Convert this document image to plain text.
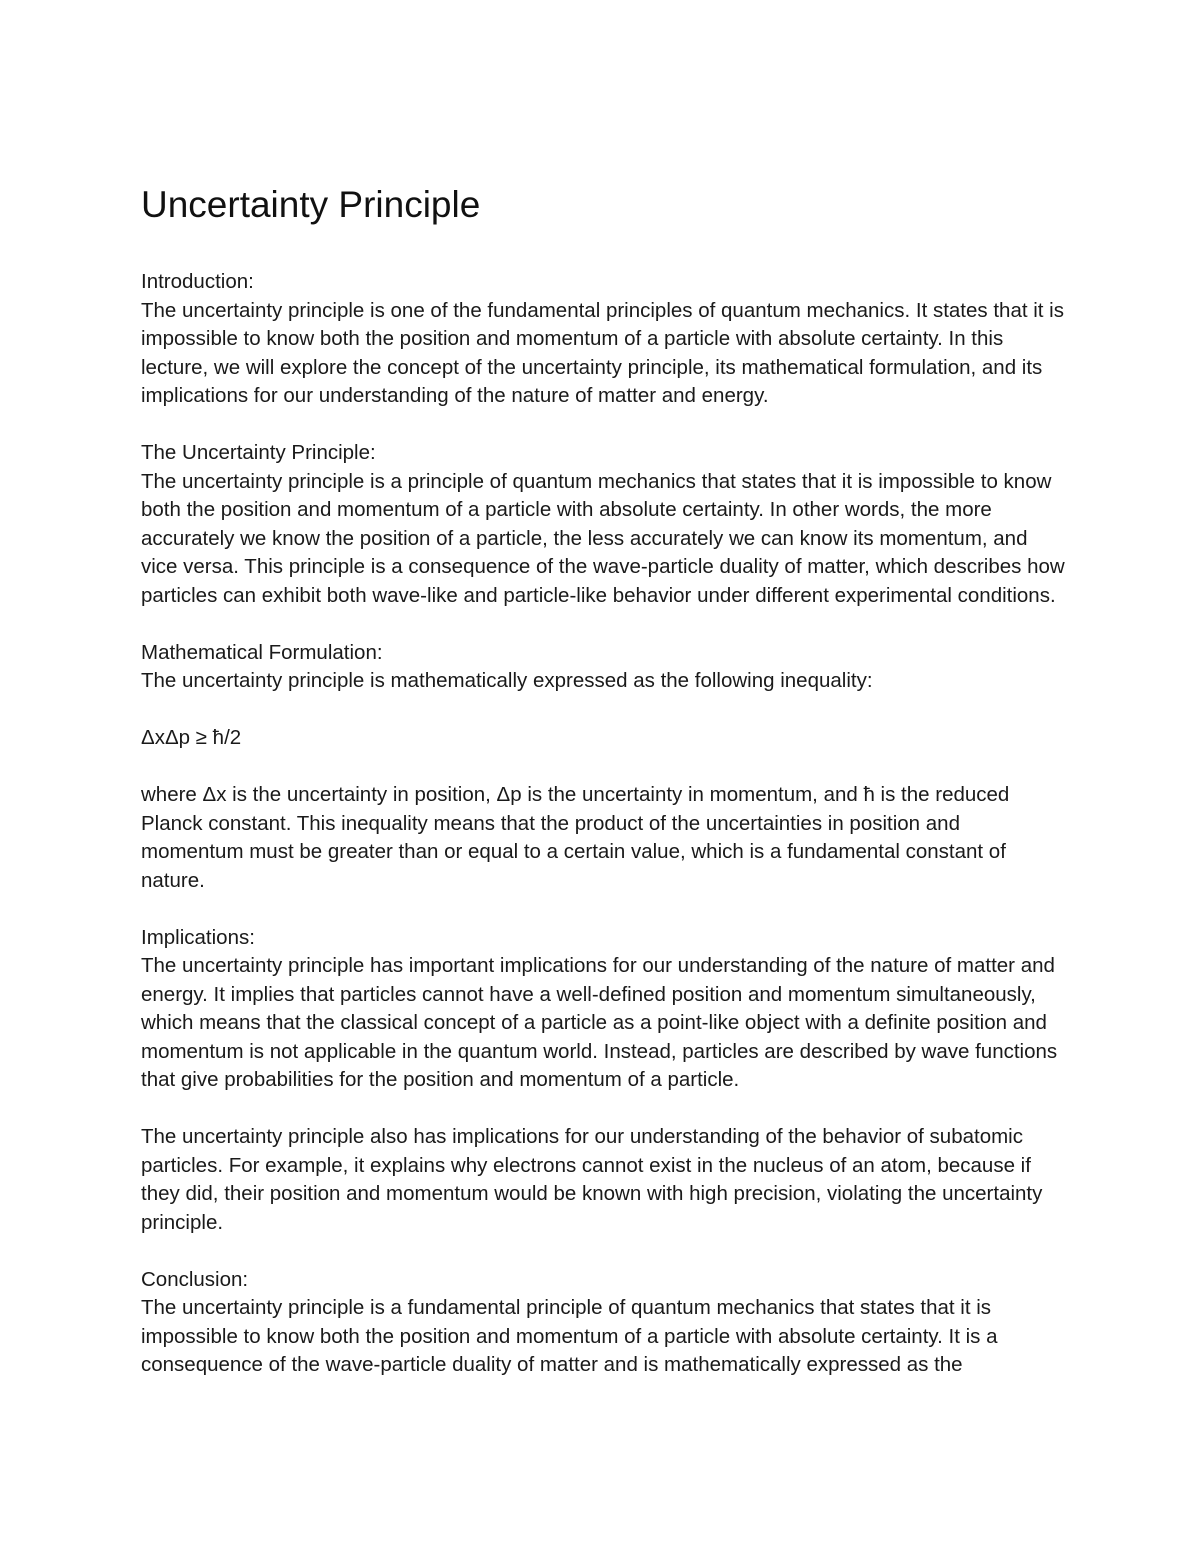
Uncertainty Principle

Introduction:

The uncertainty principle is one of the fundamental principles of quantum mechanics. It states that it is impossible to know both the position and momentum of a particle with absolute certainty. In this lecture, we will explore the concept of the uncertainty principle, its mathematical formulation, and its implications for our understanding of the nature of matter and energy.

The Uncertainty Principle:

The uncertainty principle is a principle of quantum mechanics that states that it is impossible to know both the position and momentum of a particle with absolute certainty. In other words, the more accurately we know the position of a particle, the less accurately we can know its momentum, and vice versa. This principle is a consequence of the wave-particle duality of matter, which describes how particles can exhibit both wave-like and particle-like behavior under different experimental conditions.

Mathematical Formulation:

The uncertainty principle is mathematically expressed as the following inequality:

ΔxΔp ≥ ħ/2

where Δx is the uncertainty in position, Δp is the uncertainty in momentum, and ħ is the reduced Planck constant. This inequality means that the product of the uncertainties in position and momentum must be greater than or equal to a certain value, which is a fundamental constant of nature.

Implications:

The uncertainty principle has important implications for our understanding of the nature of matter and energy. It implies that particles cannot have a well-defined position and momentum simultaneously, which means that the classical concept of a particle as a point-like object with a definite position and momentum is not applicable in the quantum world. Instead, particles are described by wave functions that give probabilities for the position and momentum of a particle.

The uncertainty principle also has implications for our understanding of the behavior of subatomic particles. For example, it explains why electrons cannot exist in the nucleus of an atom, because if they did, their position and momentum would be known with high precision, violating the uncertainty principle.

Conclusion:

The uncertainty principle is a fundamental principle of quantum mechanics that states that it is impossible to know both the position and momentum of a particle with absolute certainty. It is a consequence of the wave-particle duality of matter and is mathematically expressed as the
